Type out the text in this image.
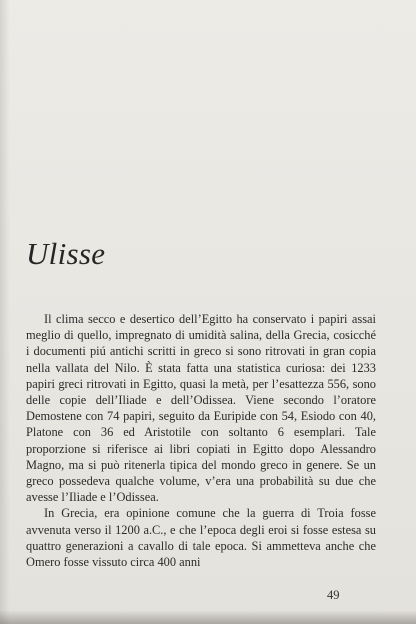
Ulisse

Il clima secco e desertico dell’Egitto ha conservato i papiri assai meglio di quello, impregnato di umidità salina, della Grecia, cosicché i documenti piú antichi scritti in greco si sono ritrovati in gran copia nella vallata del Nilo. È stata fatta una statistica curiosa: dei 1233 papiri greci ritrovati in Egitto, quasi la metà, per l’esattezza 556, sono delle copie dell’Iliade e dell’Odissea. Viene secondo l’oratore Demostene con 74 papiri, seguito da Euripide con 54, Esiodo con 40, Platone con 36 ed Aristotile con soltanto 6 esemplari. Tale proporzione si riferisce ai libri copiati in Egitto dopo Alessandro Magno, ma si può ritenerla tipica del mondo greco in genere. Se un greco possedeva qualche volume, v’era una probabilità su due che avesse l’Iliade e l’Odissea.

In Grecia, era opinione comune che la guerra di Troia fosse avvenuta verso il 1200 a.C., e che l’epoca degli eroi si fosse estesa su quattro generazioni a cavallo di tale epoca. Si ammetteva anche che Omero fosse vissuto circa 400 anni

49
